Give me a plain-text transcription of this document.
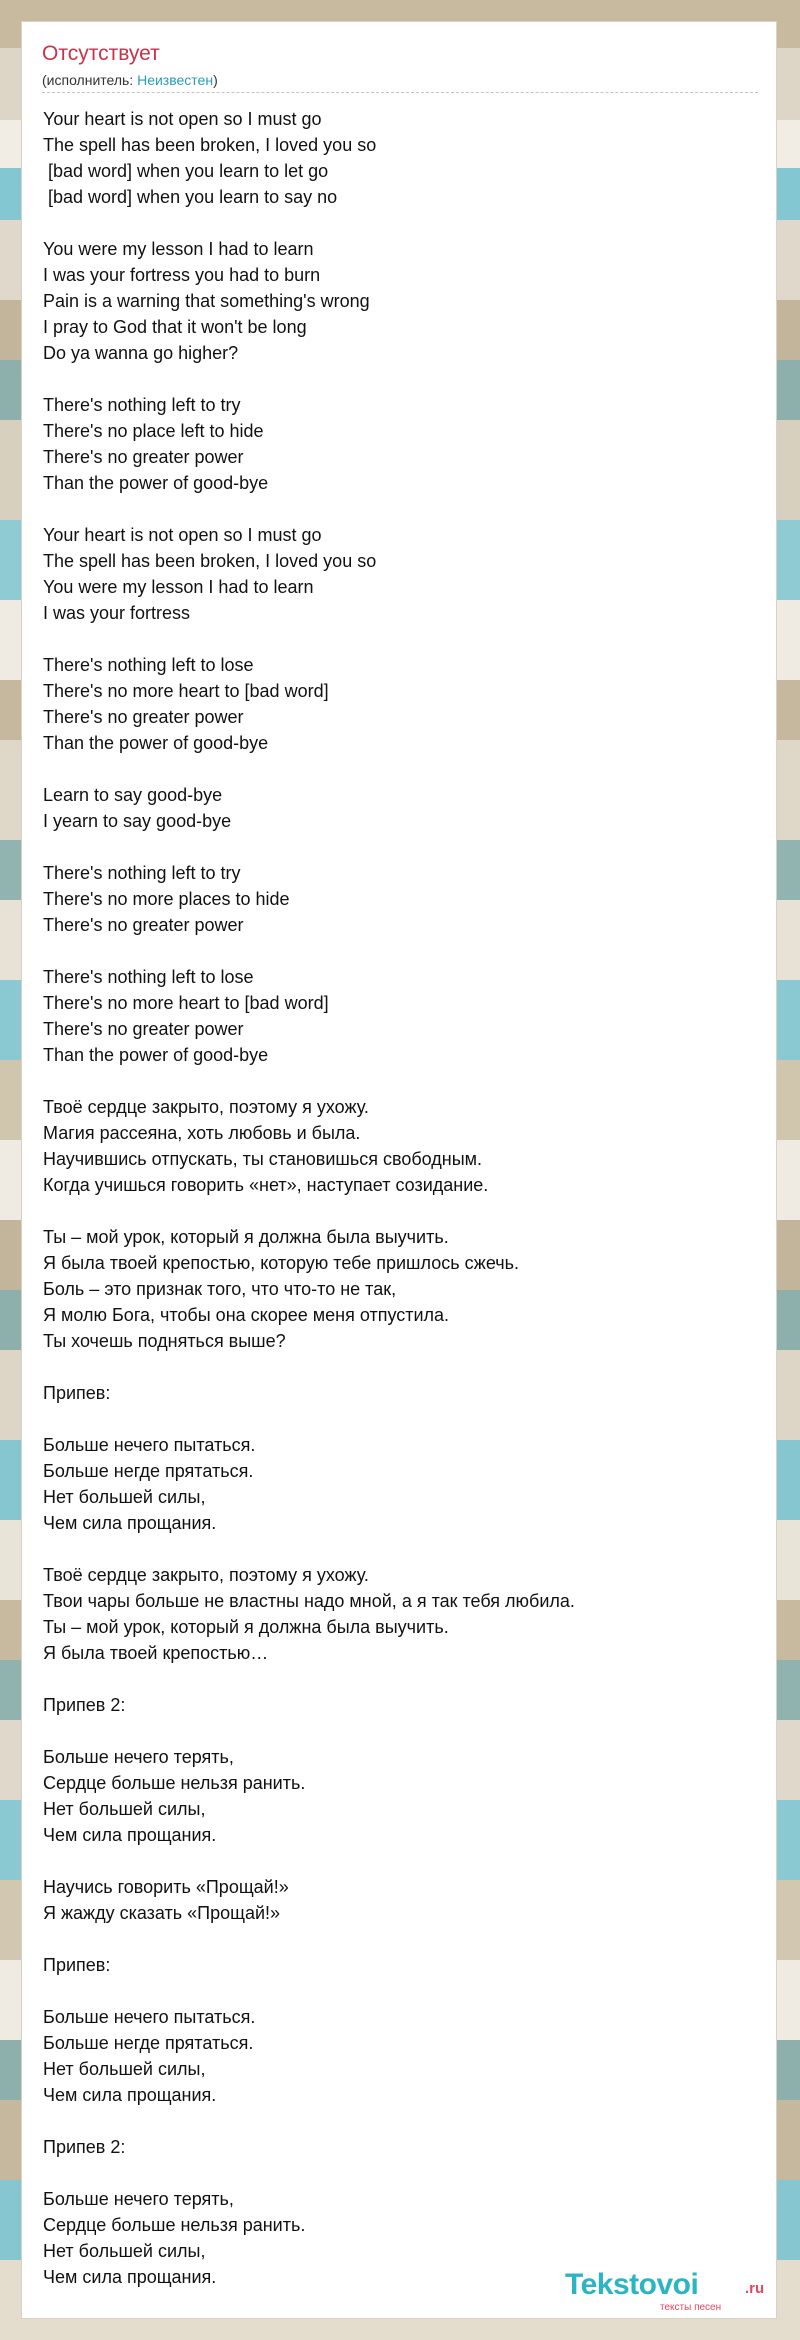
Отсутствует
(исполнитель: Неизвестен)
Your heart is not open so I must go
The spell has been broken, I loved you so
[bad word] when you learn to let go
[bad word] when you learn to say no
You were my lesson I had to learn
I was your fortress you had to burn
Pain is a warning that something's wrong
I pray to God that it won't be long
Do ya wanna go higher?
There's nothing left to try
There's no place left to hide
There's no greater power
Than the power of good-bye
Your heart is not open so I must go
The spell has been broken, I loved you so
You were my lesson I had to learn
I was your fortress
There's nothing left to lose
There's no more heart to [bad word]
There's no greater power
Than the power of good-bye
Learn to say good-bye
I yearn to say good-bye
There's nothing left to try
There's no more places to hide
There's no greater power
There's nothing left to lose
There's no more heart to [bad word]
There's no greater power
Than the power of good-bye
Твоё сердце закрыто, поэтому я ухожу.
Магия рассеяна, хоть любовь и была.
Научившись отпускать, ты становишься свободным.
Когда учишься говорить «нет», наступает созидание.
Ты – мой урок, который я должна была выучить.
Я была твоей крепостью, которую тебе пришлось сжечь.
Боль – это признак того, что что-то не так,
Я молю Бога, чтобы она скорее меня отпустила.
Ты хочешь подняться выше?
Припев:
Больше нечего пытаться.
Больше негде прятаться.
Нет большей силы,
Чем сила прощания.
Твоё сердце закрыто, поэтому я ухожу.
Твои чары больше не властны надо мной, а я так тебя любила.
Ты – мой урок, который я должна была выучить.
Я была твоей крепостью…
Припев 2:
Больше нечего терять,
Сердце больше нельзя ранить.
Нет большей силы,
Чем сила прощания.
Научись говорить «Прощай!»
Я жажду сказать «Прощай!»
Припев:
Больше нечего пытаться.
Больше негде прятаться.
Нет большей силы,
Чем сила прощания.
Припев 2:
Больше нечего терять,
Сердце больше нельзя ранить.
Нет большей силы,
Чем сила прощания.	Tekstovoi	.ru
тексты песен
